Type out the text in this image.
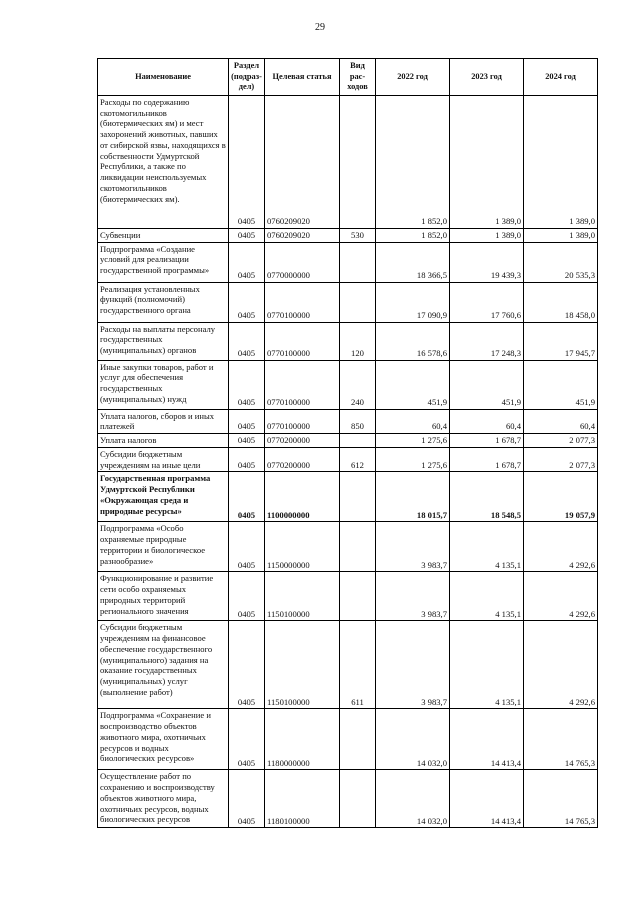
29
Наименование	Раздел (подраз-дел)	Целевая статья	Вид рас-ходов	2022 год	2023 год	2024 год
Расходы по содержанию скотомогильников (биотермических ям) и мест захоронений животных, павших от сибирской язвы, находящихся в собственности Удмуртской Республики, а также по ликвидации неиспользуемых скотомогильников (биотермических ям).	0405	0760209020		1 852,0	1 389,0	1 389,0
Субвенции	0405	0760209020	530	1 852,0	1 389,0	1 389,0
Подпрограмма «Создание условий для реализации государственной программы»	0405	0770000000		18 366,5	19 439,3	20 535,3
Реализация установленных функций (полномочий) государственного органа	0405	0770100000		17 090,9	17 760,6	18 458,0
Расходы на выплаты персоналу государственных (муниципальных) органов	0405	0770100000	120	16 578,6	17 248,3	17 945,7
Иные закупки товаров, работ и услуг для обеспечения государственных (муниципальных) нужд	0405	0770100000	240	451,9	451,9	451,9
Уплата налогов, сборов и иных платежей	0405	0770100000	850	60,4	60,4	60,4
Уплата налогов	0405	0770200000		1 275,6	1 678,7	2 077,3
Субсидии бюджетным учреждениям на иные цели	0405	0770200000	612	1 275,6	1 678,7	2 077,3
Государственная программа Удмуртской Республики «Окружающая среда и природные ресурсы»	0405	1100000000		18 015,7	18 548,5	19 057,9
Подпрограмма «Особо охраняемые природные территории и биологическое разнообразие»	0405	1150000000		3 983,7	4 135,1	4 292,6
Функционирование и развитие сети особо охраняемых природных территорий регионального значения	0405	1150100000		3 983,7	4 135,1	4 292,6
Субсидии бюджетным учреждениям на финансовое обеспечение государственного (муниципального) задания на оказание государственных (муниципальных) услуг (выполнение работ)	0405	1150100000	611	3 983,7	4 135,1	4 292,6
Подпрограмма «Сохранение и воспроизводство объектов животного мира, охотничьих ресурсов и водных биологических ресурсов»	0405	1180000000		14 032,0	14 413,4	14 765,3
Осуществление работ по сохранению и воспроизводству объектов животного мира, охотничьих ресурсов, водных биологических ресурсов	0405	1180100000		14 032,0	14 413,4	14 765,3
